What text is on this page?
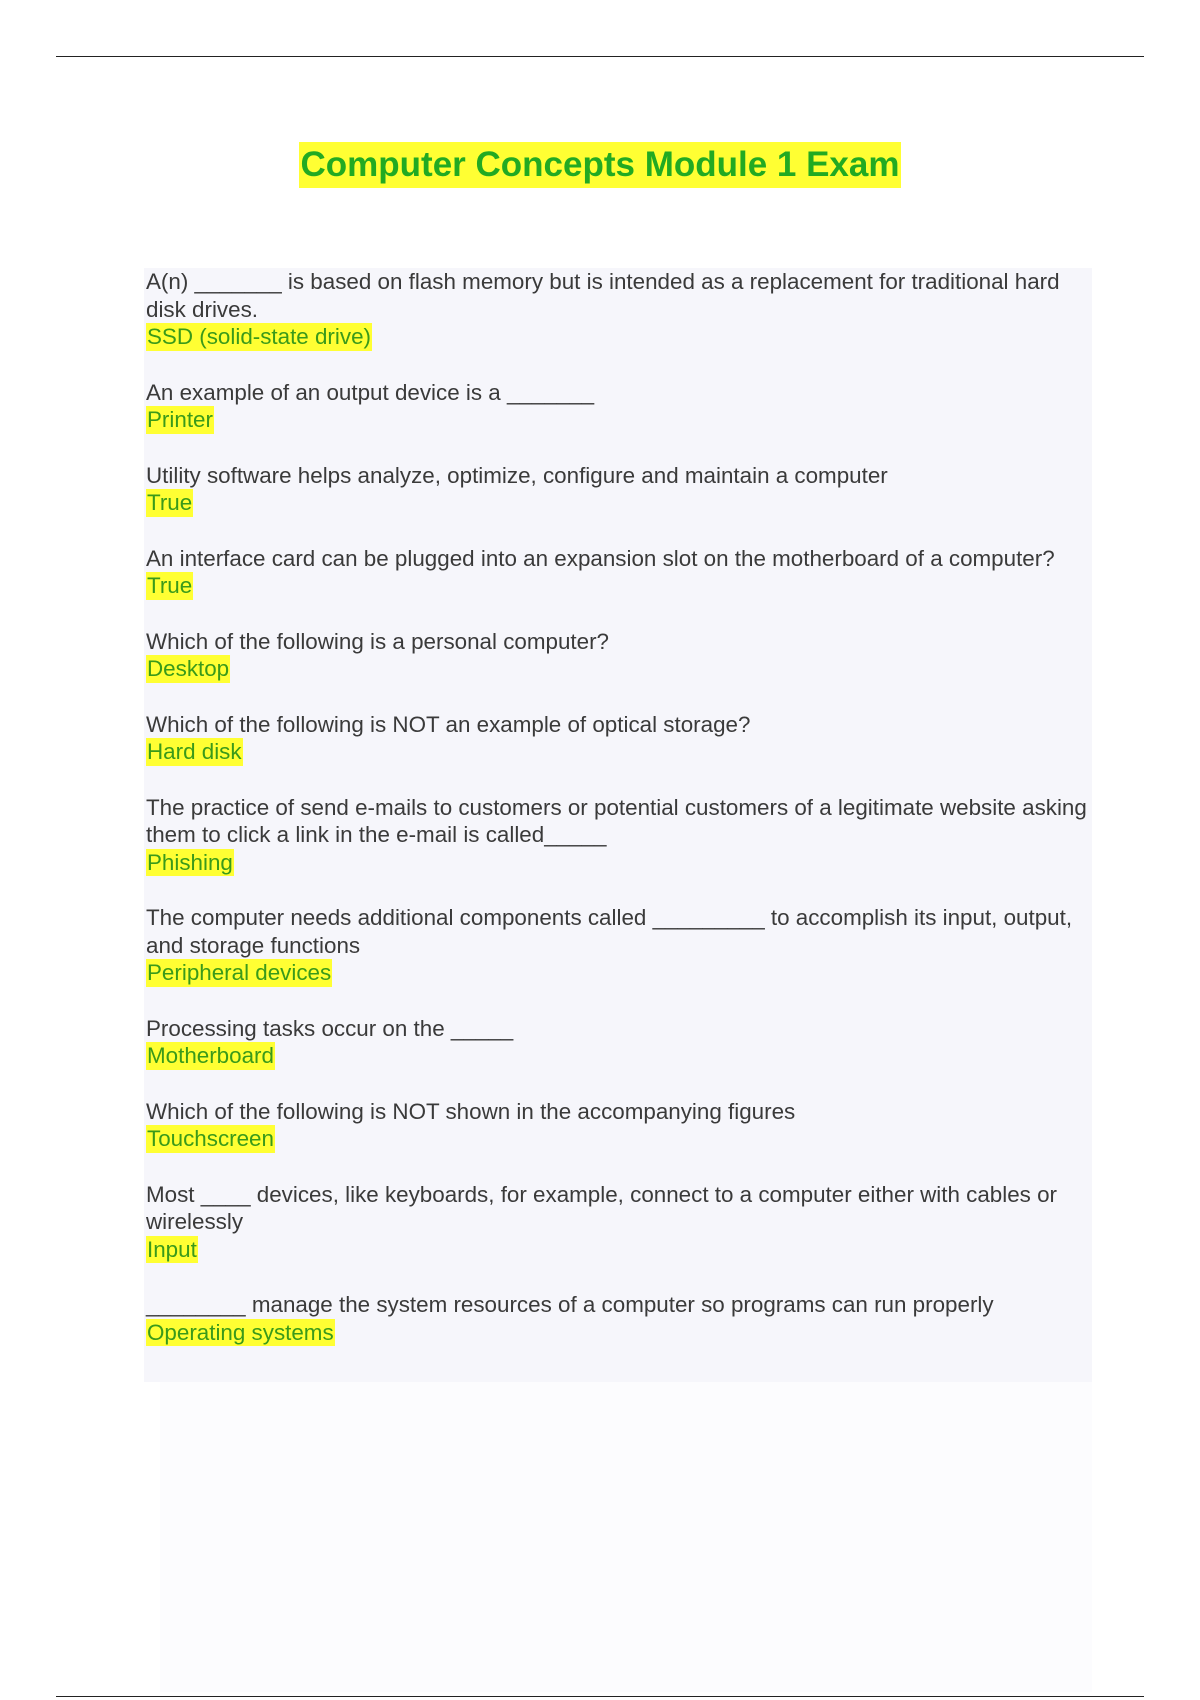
Computer Concepts Module 1 Exam
A(n) _______ is based on flash memory but is intended as a replacement for traditional hard disk drives.
SSD (solid-state drive)
An example of an output device is a _______
Printer
Utility software helps analyze, optimize, configure and maintain a computer
True
An interface card can be plugged into an expansion slot on the motherboard of a computer?
True
Which of the following is a personal computer?
Desktop
Which of the following is NOT an example of optical storage?
Hard disk
The practice of send e-mails to customers or potential customers of a legitimate website asking them to click a link in the e-mail is called_____
Phishing
The computer needs additional components called _________ to accomplish its input, output, and storage functions
Peripheral devices
Processing tasks occur on the _____
Motherboard
Which of the following is NOT shown in the accompanying figures
Touchscreen
Most ____ devices, like keyboards, for example, connect to a computer either with cables or wirelessly
Input
________ manage the system resources of a computer so programs can run properly
Operating systems
